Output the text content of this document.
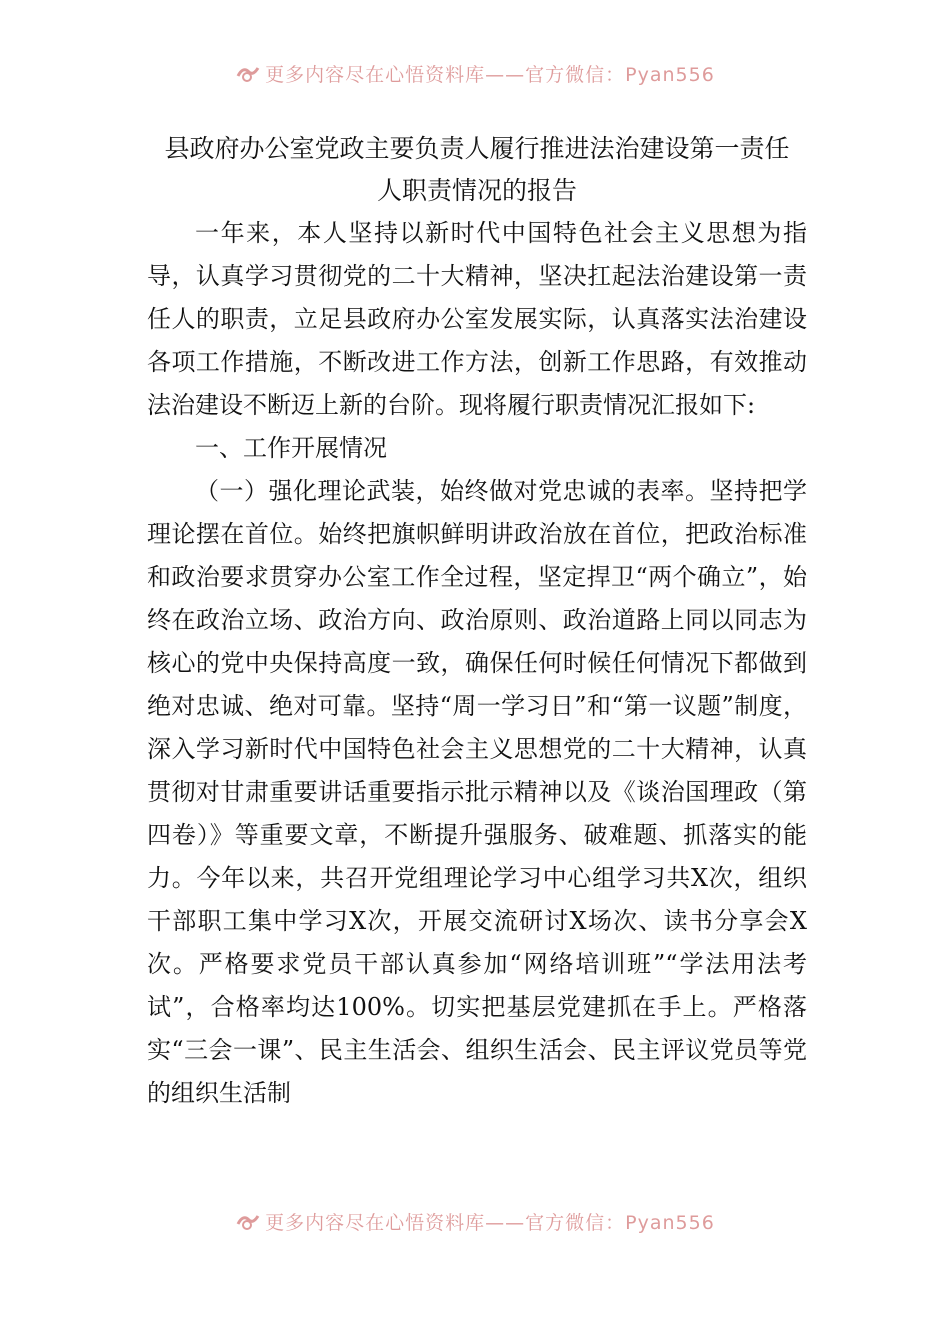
更多内容尽在心悟资料库——官方微信：Pyan556
县政府办公室党政主要负责人履行推进法治建设第一责任
人职责情况的报告

一年来，本人坚持以新时代中国特色社会主义思想为指导，认真学习贯彻党的二十大精神，坚决扛起法治建设第一责任人的职责，立足县政府办公室发展实际，认真落实法治建设各项工作措施，不断改进工作方法，创新工作思路，有效推动法治建设不断迈上新的台阶。现将履行职责情况汇报如下:

一、工作开展情况

（一）强化理论武装，始终做对党忠诚的表率。坚持把学理论摆在首位。始终把旗帜鲜明讲政治放在首位，把政治标准和政治要求贯穿办公室工作全过程，坚定捍卫“两个确立”，始终在政治立场、政治方向、政治原则、政治道路上同以同志为核心的党中央保持高度一致，确保任何时候任何情况下都做到绝对忠诚、绝对可靠。坚持“周一学习日”和“第一议题”制度，深入学习新时代中国特色社会主义思想党的二十大精神，认真贯彻对甘肃重要讲话重要指示批示精神以及《谈治国理政（第四卷）》等重要文章，不断提升强服务、破难题、抓落实的能力。今年以来，共召开党组理论学习中心组学习共X次，组织干部职工集中学习X次，开展交流研讨X场次、读书分享会X次。严格要求党员干部认真参加“网络培训班”“学法用法考试”，合格率均达100%。切实把基层党建抓在手上。严格落实“三会一课”、民主生活会、组织生活会、民主评议党员等党的组织生活制

更多内容尽在心悟资料库——官方微信：Pyan556
